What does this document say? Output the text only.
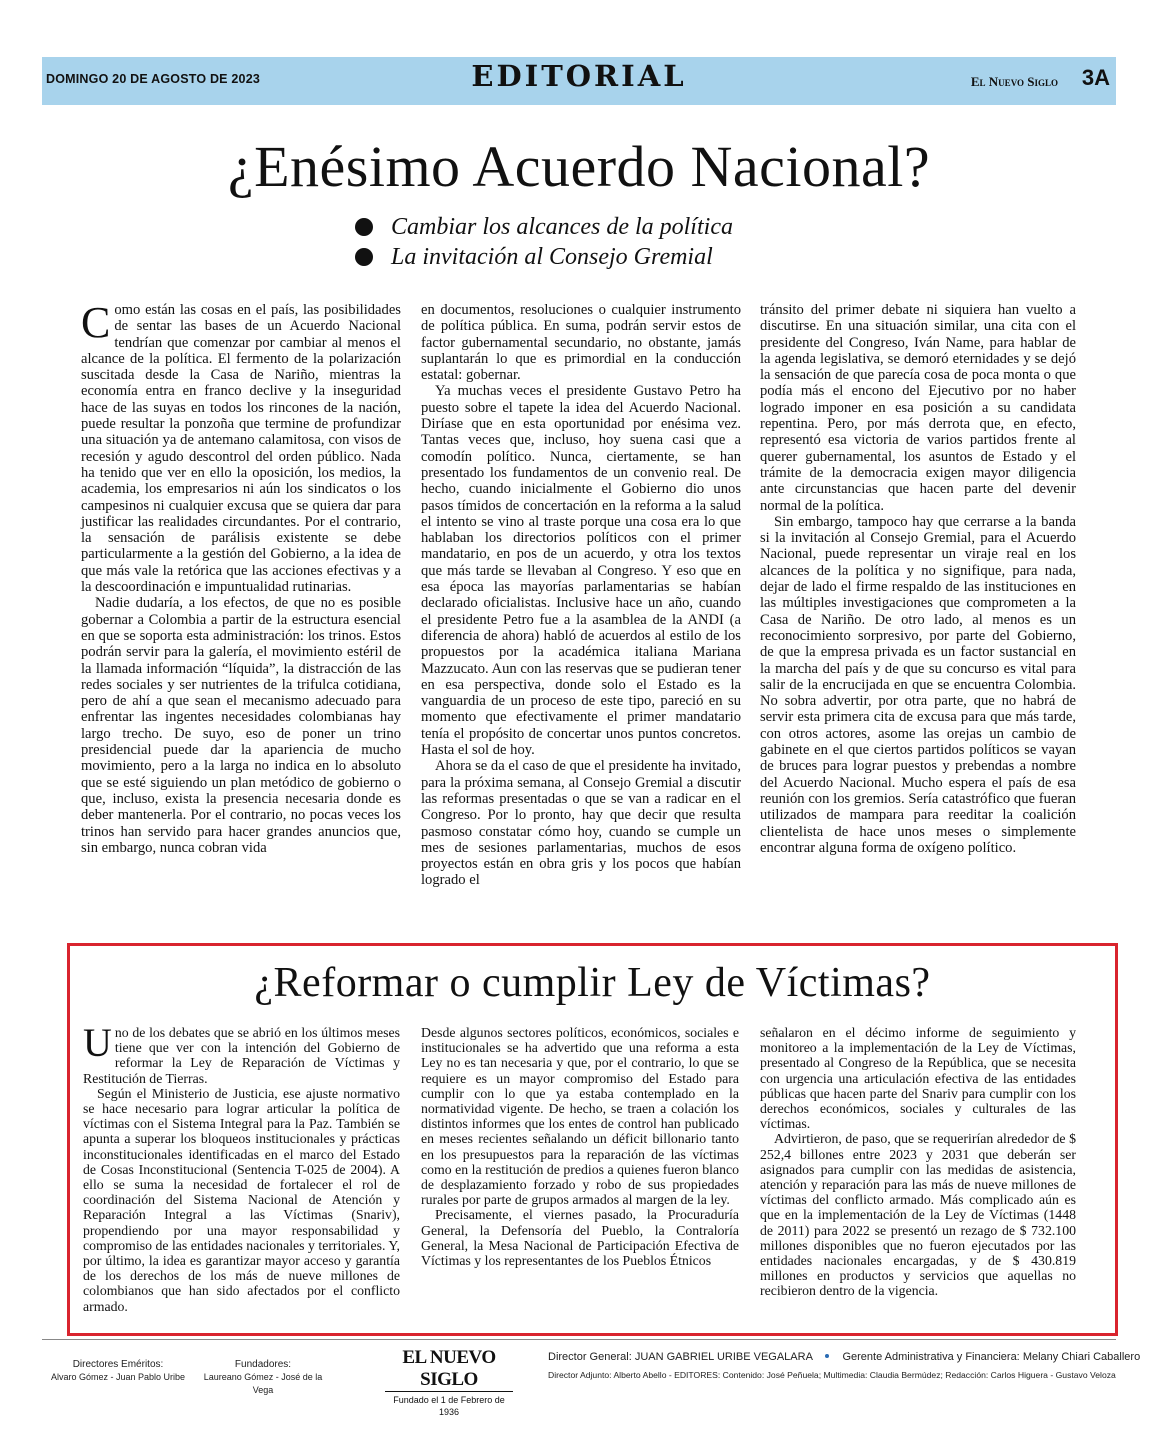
DOMINGO 20 DE AGOSTO DE 2023	EDITORIAL	El Nuevo Siglo 3A
¿Enésimo Acuerdo Nacional?
Cambiar los alcances de la política
La invitación al Consejo Gremial

Como están las cosas en el país, las posibilidades de sentar las bases de un Acuerdo Nacional tendrían que comenzar por cambiar al menos el alcance de la política. El fermento de la polarización suscitada desde la Casa de Nariño, mientras la economía entra en franco declive y la inseguridad hace de las suyas en todos los rincones de la nación, puede resultar la ponzoña que termine de profundizar una situación ya de antemano calamitosa, con visos de recesión y agudo descontrol del orden público. Nada ha tenido que ver en ello la oposición, los medios, la academia, los empresarios ni aún los sindicatos o los campesinos ni cualquier excusa que se quiera dar para justificar las realidades circundantes. Por el contrario, la sensación de parálisis existente se debe particularmente a la gestión del Gobierno, a la idea de que más vale la retórica que las acciones efectivas y a la descoordinación e impuntualidad rutinarias.

Nadie dudaría, a los efectos, de que no es posible gobernar a Colombia a partir de la estructura esencial en que se soporta esta administración: los trinos. Estos podrán servir para la galería, el movimiento estéril de la llamada información “líquida”, la distracción de las redes sociales y ser nutrientes de la trifulca cotidiana, pero de ahí a que sean el mecanismo adecuado para enfrentar las ingentes necesidades colombianas hay largo trecho. De suyo, eso de poner un trino presidencial puede dar la apariencia de mucho movimiento, pero a la larga no indica en lo absoluto que se esté siguiendo un plan metódico de gobierno o que, incluso, exista la presencia necesaria donde es deber mantenerla. Por el contrario, no pocas veces los trinos han servido para hacer grandes anuncios que, sin embargo, nunca cobran vida

en documentos, resoluciones o cualquier instrumento de política pública. En suma, podrán servir estos de factor gubernamental secundario, no obstante, jamás suplantarán lo que es primordial en la conducción estatal: gobernar.

Ya muchas veces el presidente Gustavo Petro ha puesto sobre el tapete la idea del Acuerdo Nacional. Diríase que en esta oportunidad por enésima vez. Tantas veces que, incluso, hoy suena casi que a comodín político. Nunca, ciertamente, se han presentado los fundamentos de un convenio real. De hecho, cuando inicialmente el Gobierno dio unos pasos tímidos de concertación en la reforma a la salud el intento se vino al traste porque una cosa era lo que hablaban los directorios políticos con el primer mandatario, en pos de un acuerdo, y otra los textos que más tarde se llevaban al Congreso. Y eso que en esa época las mayorías parlamentarias se habían declarado oficialistas. Inclusive hace un año, cuando el presidente Petro fue a la asamblea de la ANDI (a diferencia de ahora) habló de acuerdos al estilo de los propuestos por la académica italiana Mariana Mazzucato. Aun con las reservas que se pudieran tener en esa perspectiva, donde solo el Estado es la vanguardia de un proceso de este tipo, pareció en su momento que efectivamente el primer mandatario tenía el propósito de concertar unos puntos concretos. Hasta el sol de hoy.

Ahora se da el caso de que el presidente ha invitado, para la próxima semana, al Consejo Gremial a discutir las reformas presentadas o que se van a radicar en el Congreso. Por lo pronto, hay que decir que resulta pasmoso constatar cómo hoy, cuando se cumple un mes de sesiones parlamentarias, muchos de esos proyectos están en obra gris y los pocos que habían logrado el

tránsito del primer debate ni siquiera han vuelto a discutirse. En una situación similar, una cita con el presidente del Congreso, Iván Name, para hablar de la agenda legislativa, se demoró eternidades y se dejó la sensación de que parecía cosa de poca monta o que podía más el encono del Ejecutivo por no haber logrado imponer en esa posición a su candidata repentina. Pero, por más derrota que, en efecto, representó esa victoria de varios partidos frente al querer gubernamental, los asuntos de Estado y el trámite de la democracia exigen mayor diligencia ante circunstancias que hacen parte del devenir normal de la política.

Sin embargo, tampoco hay que cerrarse a la banda si la invitación al Consejo Gremial, para el Acuerdo Nacional, puede representar un viraje real en los alcances de la política y no signifique, para nada, dejar de lado el firme respaldo de las instituciones en las múltiples investigaciones que comprometen a la Casa de Nariño. De otro lado, al menos es un reconocimiento sorpresivo, por parte del Gobierno, de que la empresa privada es un factor sustancial en la marcha del país y de que su concurso es vital para salir de la encrucijada en que se encuentra Colombia. No sobra advertir, por otra parte, que no habrá de servir esta primera cita de excusa para que más tarde, con otros actores, asome las orejas un cambio de gabinete en el que ciertos partidos políticos se vayan de bruces para lograr puestos y prebendas a nombre del Acuerdo Nacional. Mucho espera el país de esa reunión con los gremios. Sería catastrófico que fueran utilizados de mampara para reeditar la coalición clientelista de hace unos meses o simplemente encontrar alguna forma de oxígeno político.

¿Reformar o cumplir Ley de Víctimas?

Uno de los debates que se abrió en los últimos meses tiene que ver con la intención del Gobierno de reformar la Ley de Reparación de Víctimas y Restitución de Tierras.

Según el Ministerio de Justicia, ese ajuste normativo se hace necesario para lograr articular la política de víctimas con el Sistema Integral para la Paz. También se apunta a superar los bloqueos institucionales y prácticas inconstitucionales identificadas en el marco del Estado de Cosas Inconstitucional (Sentencia T-025 de 2004). A ello se suma la necesidad de fortalecer el rol de coordinación del Sistema Nacional de Atención y Reparación Integral a las Víctimas (Snariv), propendiendo por una mayor responsabilidad y compromiso de las entidades nacionales y territoriales. Y, por último, la idea es garantizar mayor acceso y garantía de los derechos de los más de nueve millones de colombianos que han sido afectados por el conflicto armado.

Desde algunos sectores políticos, económicos, sociales e institucionales se ha advertido que una reforma a esta Ley no es tan necesaria y que, por el contrario, lo que se requiere es un mayor compromiso del Estado para cumplir con lo que ya estaba contemplado en la normatividad vigente. De hecho, se traen a colación los distintos informes que los entes de control han publicado en meses recientes señalando un déficit billonario tanto en los presupuestos para la reparación de las víctimas como en la restitución de predios a quienes fueron blanco de desplazamiento forzado y robo de sus propiedades rurales por parte de grupos armados al margen de la ley.

Precisamente, el viernes pasado, la Procuraduría General, la Defensoría del Pueblo, la Contraloría General, la Mesa Nacional de Participación Efectiva de Víctimas y los representantes de los Pueblos Étnicos

señalaron en el décimo informe de seguimiento y monitoreo a la implementación de la Ley de Víctimas, presentado al Congreso de la República, que se necesita con urgencia una articulación efectiva de las entidades públicas que hacen parte del Snariv para cumplir con los derechos económicos, sociales y culturales de las víctimas.

Advirtieron, de paso, que se requerirían alrededor de $ 252,4 billones entre 2023 y 2031 que deberán ser asignados para cumplir con las medidas de asistencia, atención y reparación para las más de nueve millones de víctimas del conflicto armado. Más complicado aún es que en la implementación de la Ley de Víctimas (1448 de 2011) para 2022 se presentó un rezago de $ 732.100 millones disponibles que no fueron ejecutados por las entidades nacionales encargadas, y de $ 430.819 millones en productos y servicios que aquellas no recibieron dentro de la vigencia.

Directores Eméritos:
Alvaro Gómez - Juan Pablo Uribe
Fundadores:
Laureano Gómez - José de la Vega
EL NUEVO SIGLO
Fundado el 1 de Febrero de 1936
Director General: JUAN GABRIEL URIBE VEGALARA	Gerente Administrativa y Financiera: Melany Chiari Caballero
Director Adjunto: Alberto Abello - EDITORES: Contenido: José Peñuela; Multimedia: Claudia Bermúdez; Redacción: Carlos Higuera - Gustavo Veloza
